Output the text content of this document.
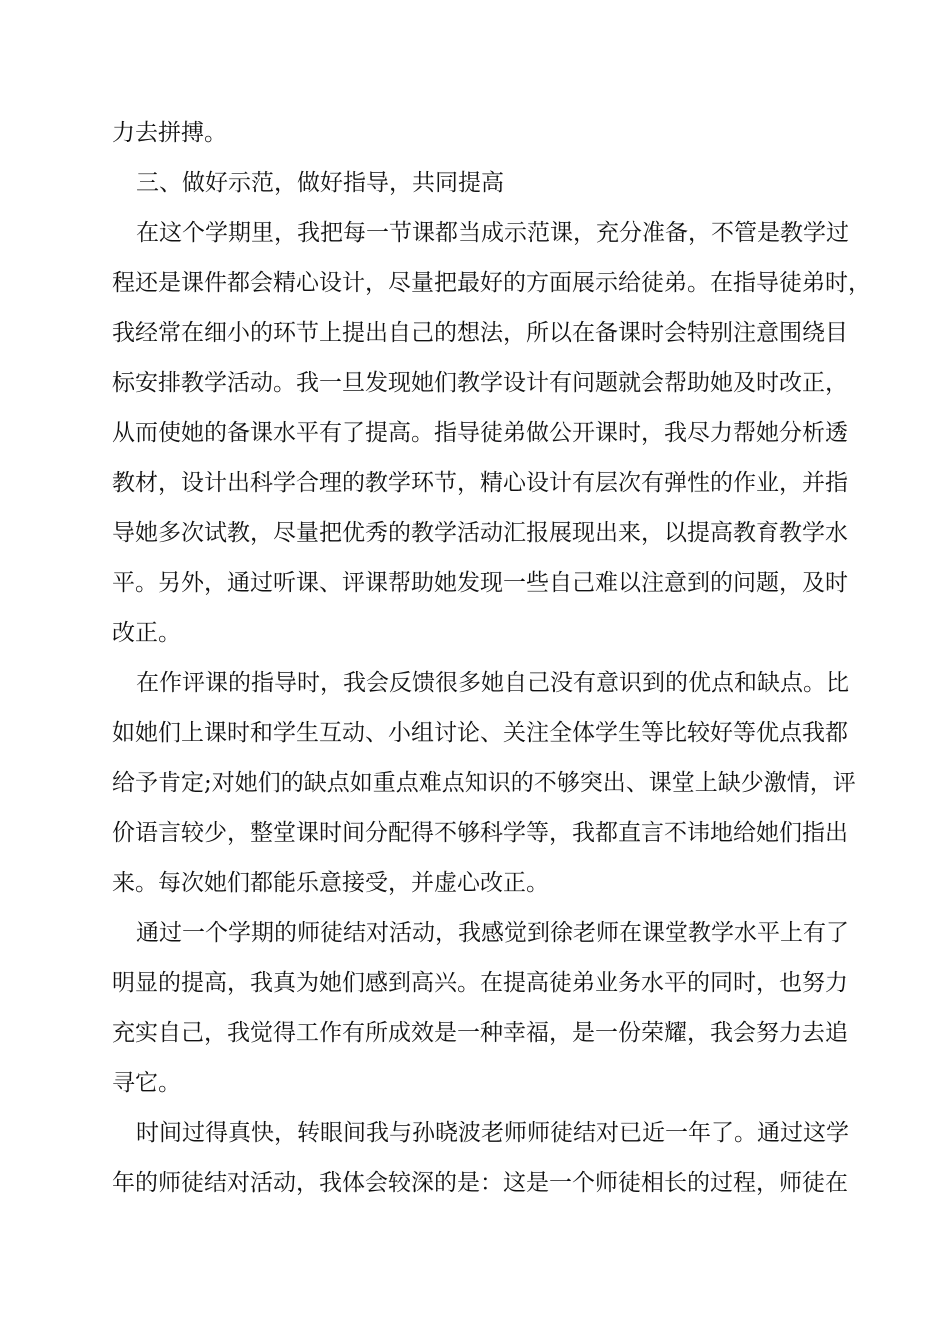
力去拼搏。

三、做好示范，做好指导，共同提高

在这个学期里，我把每一节课都当成示范课，充分准备，不管是教学过

程还是课件都会精心设计，尽量把最好的方面展示给徒弟。在指导徒弟时，

我经常在细小的环节上提出自己的想法，所以在备课时会特别注意围绕目

标安排教学活动。我一旦发现她们教学设计有问题就会帮助她及时改正，

从而使她的备课水平有了提高。指导徒弟做公开课时，我尽力帮她分析透

教材，设计出科学合理的教学环节，精心设计有层次有弹性的作业，并指

导她多次试教，尽量把优秀的教学活动汇报展现出来，以提高教育教学水

平。另外，通过听课、评课帮助她发现一些自己难以注意到的问题，及时

改正。

在作评课的指导时，我会反馈很多她自己没有意识到的优点和缺点。比

如她们上课时和学生互动、小组讨论、关注全体学生等比较好等优点我都

给予肯定;对她们的缺点如重点难点知识的不够突出、课堂上缺少激情，评

价语言较少，整堂课时间分配得不够科学等，我都直言不讳地给她们指出

来。每次她们都能乐意接受，并虚心改正。

通过一个学期的师徒结对活动，我感觉到徐老师在课堂教学水平上有了

明显的提高，我真为她们感到高兴。在提高徒弟业务水平的同时，也努力

充实自己，我觉得工作有所成效是一种幸福，是一份荣耀，我会努力去追

寻它。

时间过得真快，转眼间我与孙晓波老师师徒结对已近一年了。通过这学

年的师徒结对活动，我体会较深的是：这是一个师徒相长的过程，师徒在
